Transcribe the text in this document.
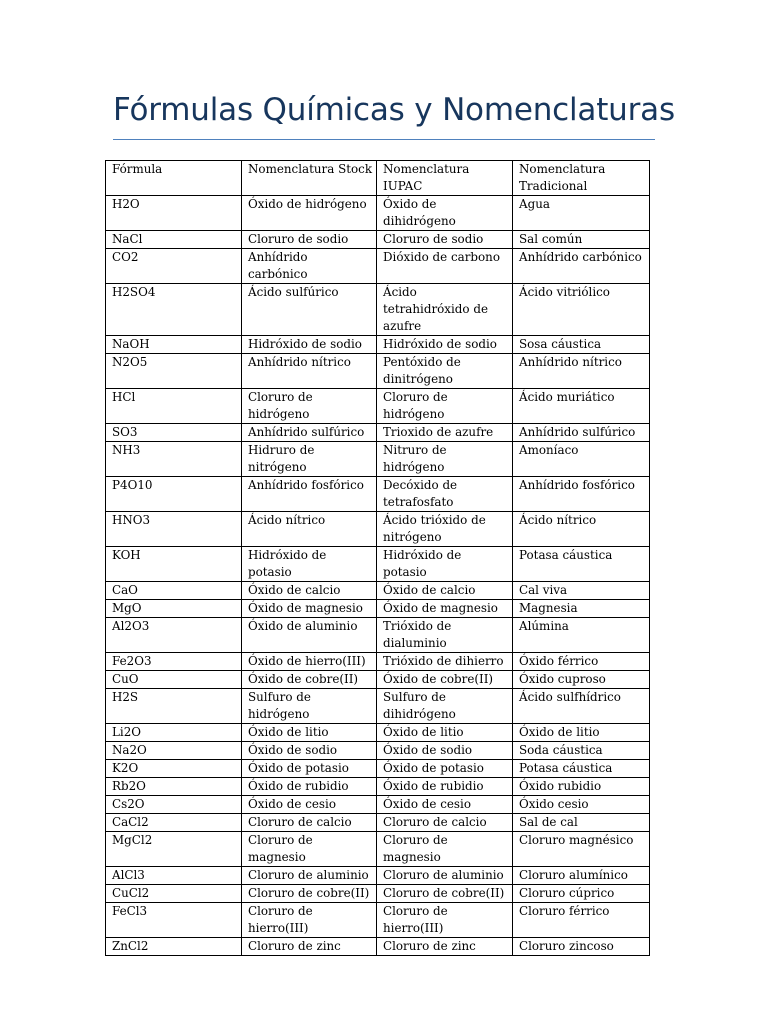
Fórmulas Químicas y Nomenclaturas
Fórmula	Nomenclatura Stock	Nomenclatura IUPAC	Nomenclatura Tradicional
H2O	Óxido de hidrógeno	Óxido de dihidrógeno	Agua
NaCl	Cloruro de sodio	Cloruro de sodio	Sal común
CO2	Anhídrido carbónico	Dióxido de carbono	Anhídrido carbónico
H2SO4	Ácido sulfúrico	Ácido tetrahidróxido de azufre	Ácido vitriólico
NaOH	Hidróxido de sodio	Hidróxido de sodio	Sosa cáustica
N2O5	Anhídrido nítrico	Pentóxido de dinitrógeno	Anhídrido nítrico
HCl	Cloruro de hidrógeno	Cloruro de hidrógeno	Ácido muriático
SO3	Anhídrido sulfúrico	Trioxido de azufre	Anhídrido sulfúrico
NH3	Hidruro de nitrógeno	Nitruro de hidrógeno	Amoníaco
P4O10	Anhídrido fosfórico	Decóxido de tetrafosfato	Anhídrido fosfórico
HNO3	Ácido nítrico	Ácido trióxido de nitrógeno	Ácido nítrico
KOH	Hidróxido de potasio	Hidróxido de potasio	Potasa cáustica
CaO	Óxido de calcio	Óxido de calcio	Cal viva
MgO	Óxido de magnesio	Óxido de magnesio	Magnesia
Al2O3	Óxido de aluminio	Trióxido de dialuminio	Alúmina
Fe2O3	Óxido de hierro(III)	Trióxido de dihierro	Óxido férrico
CuO	Óxido de cobre(II)	Óxido de cobre(II)	Óxido cuproso
H2S	Sulfuro de hidrógeno	Sulfuro de dihidrógeno	Ácido sulfhídrico
Li2O	Óxido de litio	Óxido de litio	Óxido de litio
Na2O	Óxido de sodio	Óxido de sodio	Soda cáustica
K2O	Óxido de potasio	Óxido de potasio	Potasa cáustica
Rb2O	Óxido de rubidio	Óxido de rubidio	Óxido rubidio
Cs2O	Óxido de cesio	Óxido de cesio	Óxido cesio
CaCl2	Cloruro de calcio	Cloruro de calcio	Sal de cal
MgCl2	Cloruro de magnesio	Cloruro de magnesio	Cloruro magnésico
AlCl3	Cloruro de aluminio	Cloruro de aluminio	Cloruro alumínico
CuCl2	Cloruro de cobre(II)	Cloruro de cobre(II)	Cloruro cúprico
FeCl3	Cloruro de hierro(III)	Cloruro de hierro(III)	Cloruro férrico
ZnCl2	Cloruro de zinc	Cloruro de zinc	Cloruro zincoso
